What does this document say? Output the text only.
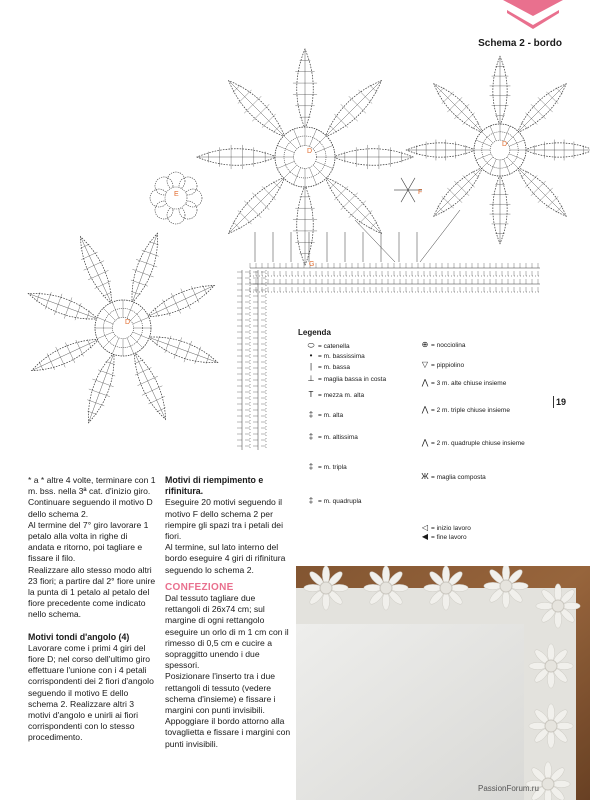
Schema 2 - bordo
D
D
D
E	F
G
Legenda
⬭ = catenella
• = m. bassissima
| = m. bassa
⊥ = maglia bassa in costa
T = mezza m. alta
‡ = m. alta
‡ = m. altissima
‡ = m. tripla
‡ = m. quadrupla
⊕ = nocciolina
▽ = pippiolino
⋀ = 3 m. alte chiuse insieme
⋀ = 2 m. triple chiuse insieme
⋀ = 2 m. quadruple chiuse insieme
Ж = maglia composta
◁ = inizio lavoro
◀ = fine lavoro
19

* a * altre 4 volte, terminare con 1 m. bss. nella 3ª cat. d'inizio giro.

Continuare seguendo il motivo D dello schema 2.

Al termine del 7° giro lavorare 1 petalo alla volta in righe di andata e ritorno, poi tagliare e fissare il filo.

Realizzare allo stesso modo altri 23 fiori; a partire dal 2° fiore unire la punta di 1 petalo al petalo del fiore precedente come indicato nello schema.

Motivi tondi d'angolo (4)

Lavorare come i primi 4 giri del fiore D; nel corso dell'ultimo giro effettuare l'unione con i 4 petali corrispondenti dei 2 fiori d'angolo seguendo il motivo E dello schema 2. Realizzare altri 3 motivi d'angolo e unirli ai fiori corrispondenti con lo stesso procedimento.

Motivi di riempimento e rifinitura.

Eseguire 20 motivi seguendo il motivo F dello schema 2 per riempire gli spazi tra i petali dei fiori.

Al termine, sul lato interno del bordo eseguire 4 giri di rifinitura seguendo lo schema 2.

CONFEZIONE

Dal tessuto tagliare due rettangoli di 26x74 cm; sul margine di ogni rettangolo eseguire un orlo di m 1 cm con il rimesso di 0,5 cm e cucire a sopraggitto unendo i due spessori.

Posizionare l'inserto tra i due rettangoli di tessuto (vedere schema d'insieme) e fissare i margini con punti invisibili.

Appoggiare il bordo attorno alla tovaglietta e fissare i margini con punti invisibili.

PassionForum.ru
